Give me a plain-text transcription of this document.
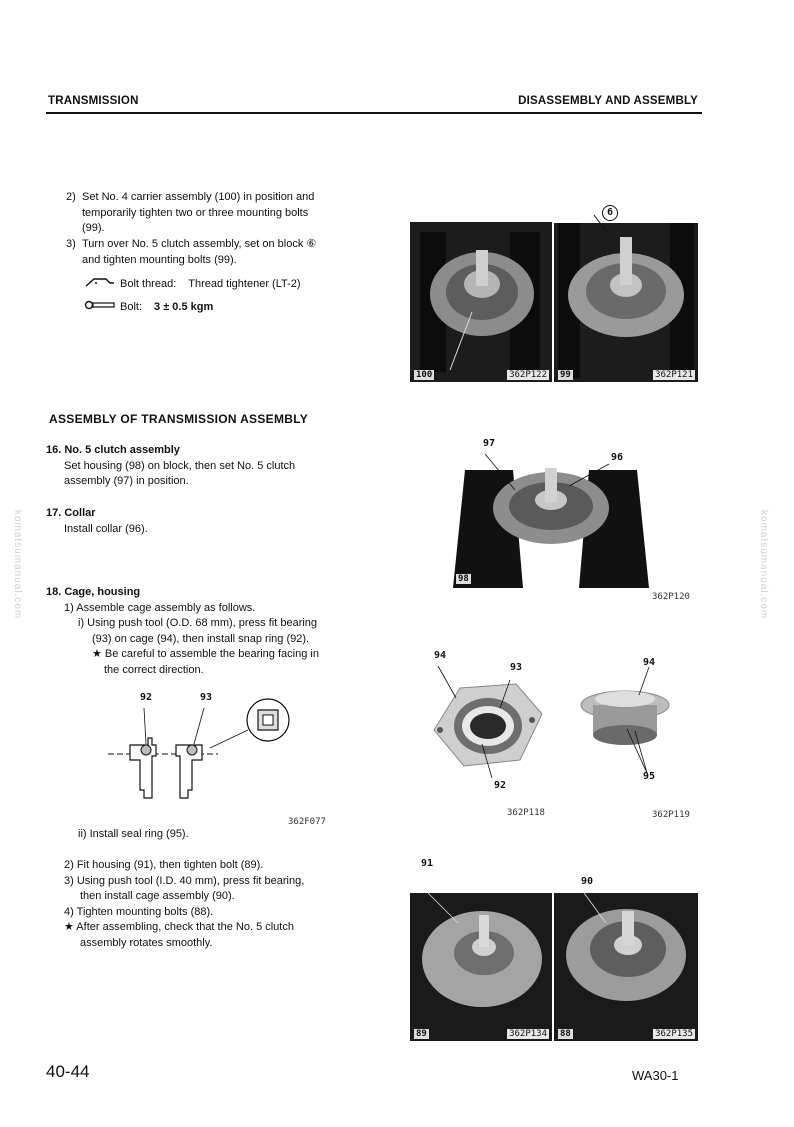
TRANSMISSION	DISASSEMBLY AND ASSEMBLY
2) Set No. 4 carrier assembly (100) in position and
temporarily tighten two or three mounting bolts
(99).
3) Turn over No. 5 clutch assembly, set on block ⑥
and tighten mounting bolts (99).
Bolt thread: Thread tightener (LT-2)
Bolt: 3 ± 0.5 kgm
100	362P122
6
99	362P121
ASSEMBLY OF TRANSMISSION ASSEMBLY
16. No. 5 clutch assembly
Set housing (98) on block, then set No. 5 clutch
assembly (97) in position.
17. Collar
Install collar (96).
18. Cage, housing
1) Assemble cage assembly as follows.
i) Using push tool (O.D. 68 mm), press fit bearing
(93) on cage (94), then install snap ring (92).
★ Be careful to assemble the bearing facing in
the correct direction.
92	93
362F077
ii) Install seal ring (95).
2) Fit housing (91), then tighten bolt (89).
3) Using push tool (I.D. 40 mm), press fit bearing,
then install cage assembly (90).
4) Tighten mounting bolts (88).
★ After assembling, check that the No. 5 clutch
assembly rotates smoothly.
97
96
98
362P120
94
93
92
362P118
94
95
362P119
91
89	362P134
90
88	362P135
komatsumanual.com	komatsumanual.com
40-44	WA30-1
